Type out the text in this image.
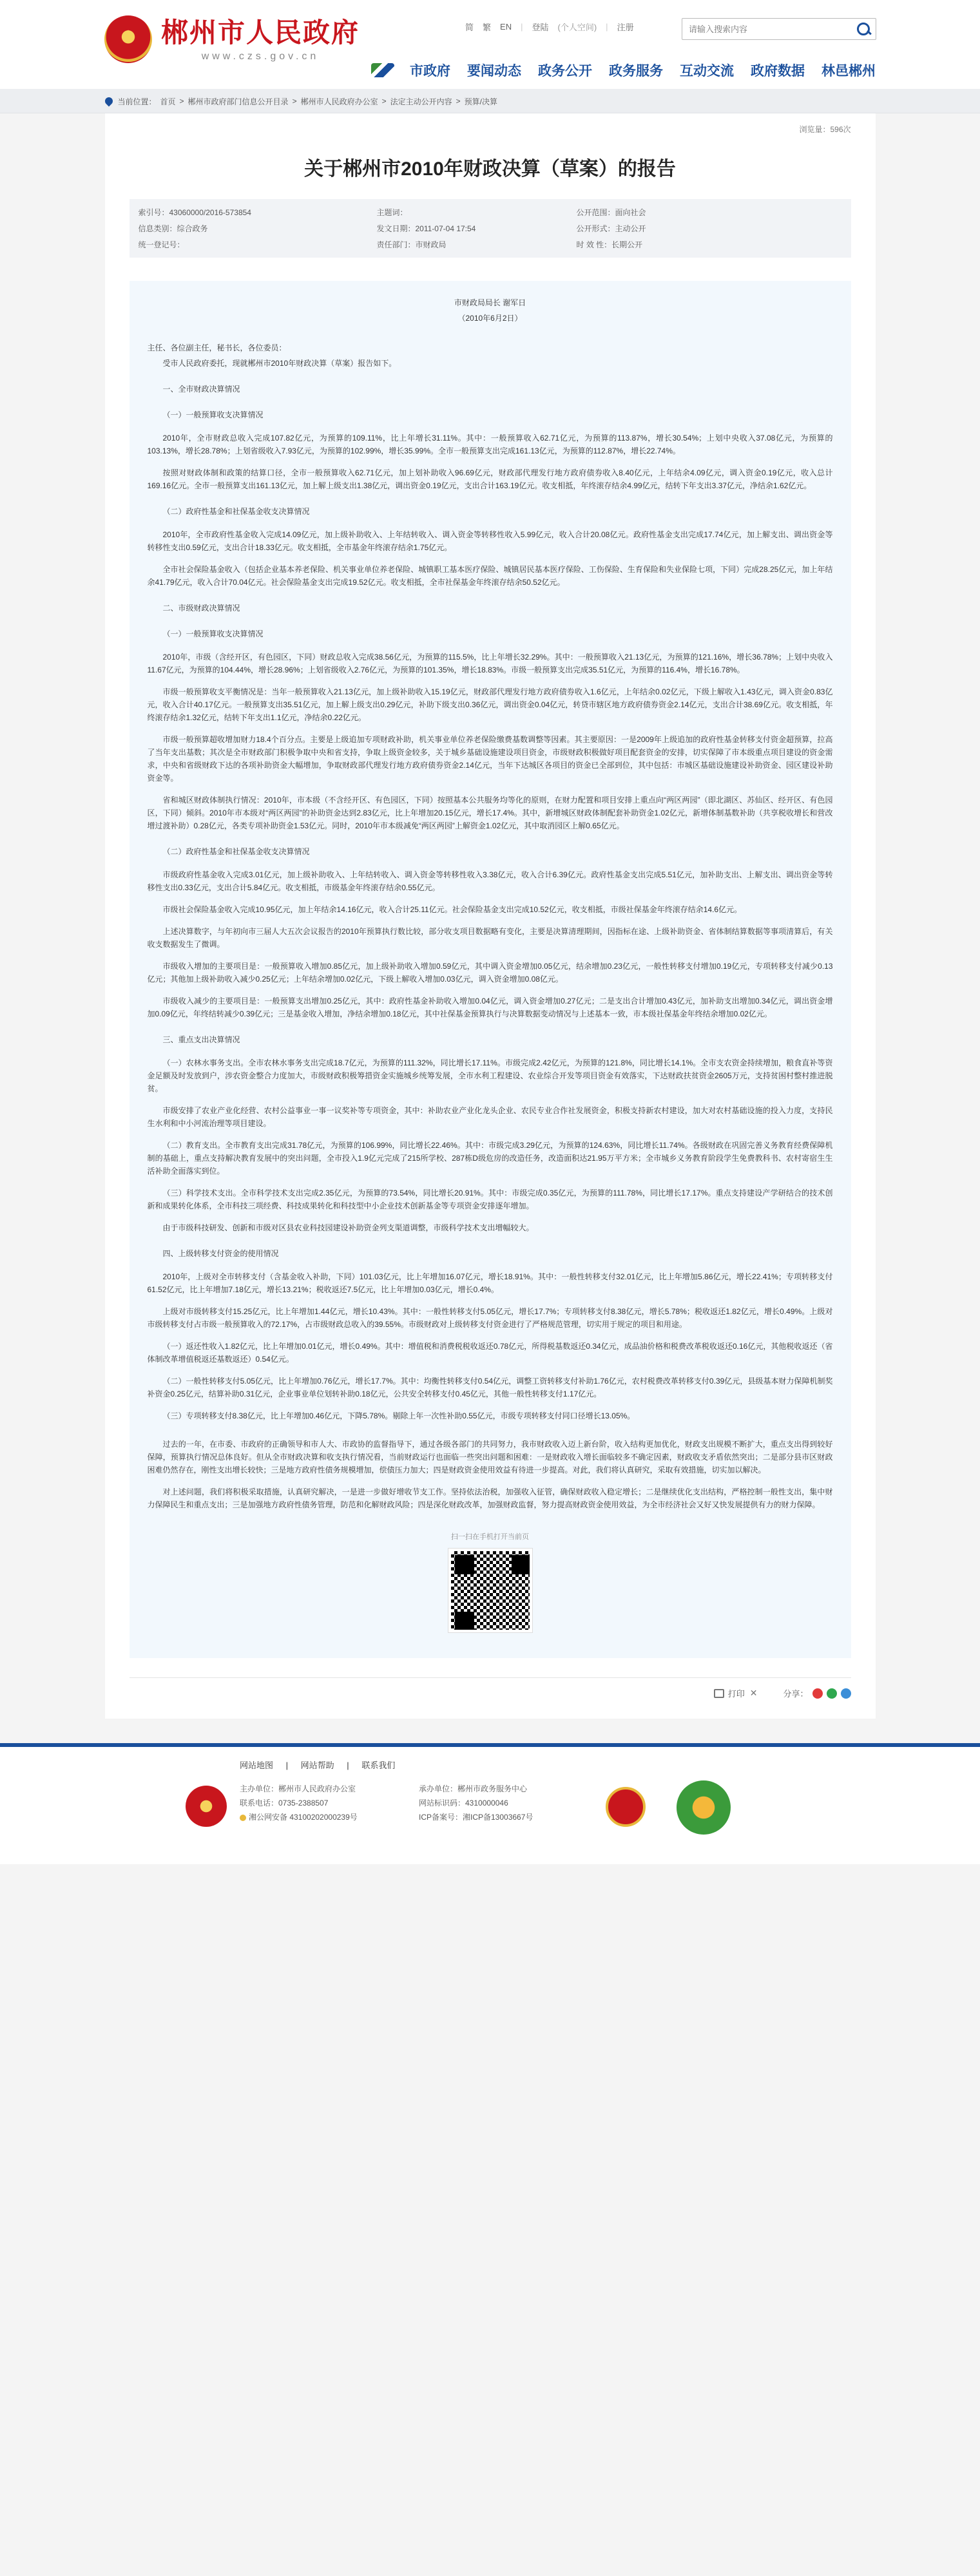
郴州市人民政府
www.czs.gov.cn
简 繁 EN | 登陆 (个人空间) | 注册
请输入搜索内容
市政府 要闻动态 政务公开 政务服务 互动交流 政府数据 林邑郴州
当前位置： 首页 > 郴州市政府部门信息公开目录 > 郴州市人民政府办公室 > 法定主动公开内容 > 预算/决算
浏览量：596次
关于郴州市2010年财政决算（草案）的报告
索引号：43060000/2016-573854	主题词：	公开范围：面向社会
信息类别：综合政务	发文日期：2011-07-04 17:54	公开形式：主动公开
统一登记号：	责任部门：市财政局	时 效 性：长期公开

市财政局局长 谢军日

（2010年6月2日）

主任、各位副主任，秘书长，各位委员：

受市人民政府委托，现就郴州市2010年财政决算（草案）报告如下。

一、全市财政决算情况

（一）一般预算收支决算情况

2010年，全市财政总收入完成107.82亿元，为预算的109.11%，比上年增长31.11%。其中：一般预算收入62.71亿元，为预算的113.87%，增长30.54%；上划中央收入37.08亿元，为预算的103.13%，增长28.78%；上划省级收入7.93亿元，为预算的102.99%，增长35.99%。全市一般预算支出完成161.13亿元，为预算的112.87%，增长22.74%。

按照对财政体制和政策的结算口径，全市一般预算收入62.71亿元，加上划补助收入96.69亿元，财政部代理发行地方政府债券收入8.40亿元，上年结余4.09亿元，调入资金0.19亿元，收入总计169.16亿元。全市一般预算支出161.13亿元，加上解上级支出1.38亿元，调出资金0.19亿元，支出合计163.19亿元。收支相抵，年终滚存结余4.99亿元，结转下年支出3.37亿元，净结余1.62亿元。

（二）政府性基金和社保基金收支决算情况

2010年，全市政府性基金收入完成14.09亿元，加上级补助收入、上年结转收入、调入资金等转移性收入5.99亿元，收入合计20.08亿元。政府性基金支出完成17.74亿元，加上解支出、调出资金等转移性支出0.59亿元，支出合计18.33亿元。收支相抵，全市基金年终滚存结余1.75亿元。

全市社会保险基金收入（包括企业基本养老保险、机关事业单位养老保险、城镇职工基本医疗保险、城镇居民基本医疗保险、工伤保险、生育保险和失业保险七项，下同）完成28.25亿元，加上年结余41.79亿元，收入合计70.04亿元。社会保险基金支出完成19.52亿元。收支相抵，全市社保基金年终滚存结余50.52亿元。

二、市级财政决算情况

（一）一般预算收支决算情况

2010年，市级（含经开区，有色园区，下同）财政总收入完成38.56亿元，为预算的115.5%，比上年增长32.29%。其中：一般预算收入21.13亿元，为预算的121.16%，增长36.78%；上划中央收入11.67亿元，为预算的104.44%，增长28.96%；上划省级收入2.76亿元，为预算的101.35%，增长18.83%。市级一般预算支出完成35.51亿元，为预算的116.4%，增长16.78%。

市级一般预算收支平衡情况是：当年一般预算收入21.13亿元，加上级补助收入15.19亿元，财政部代理发行地方政府债券收入1.6亿元，上年结余0.02亿元，下级上解收入1.43亿元，调入资金0.83亿元，收入合计40.17亿元。一般预算支出35.51亿元，加上解上级支出0.29亿元，补助下级支出0.36亿元，调出资金0.04亿元，转贷市辖区地方政府债券资金2.14亿元，支出合计38.69亿元。收支相抵，年终滚存结余1.32亿元，结转下年支出1.1亿元，净结余0.22亿元。

市级一般预算超收增加财力18.4个百分点。主要是上级追加专项财政补助，机关事业单位养老保险缴费基数调整等因素。其主要原因：一是2009年上级追加的政府性基金转移支付资金超预算，拉高了当年支出基数；其次是全市财政部门积极争取中央和省支持，争取上级资金较多，关于城乡基础设施建设项目资金，市级财政积极做好项目配套资金的安排，切实保障了市本级重点项目建设的资金需求，中央和省级财政下达的各项补助资金大幅增加，争取财政部代理发行地方政府债券资金2.14亿元，当年下达城区各项目的资金已全部到位，其中包括：市城区基础设施建设补助资金、园区建设补助资金等。

省和城区财政体制执行情况：2010年，市本级（不含经开区、有色园区，下同）按照基本公共服务均等化的原则，在财力配置和项目安排上重点向“两区两园”（即北湖区、苏仙区、经开区、有色园区，下同）倾斜。2010年市本级对“两区两园”的补助资金达到2.83亿元，比上年增加20.15亿元，增长17.4%。其中，新增城区财政体制配套补助资金1.02亿元，新增体制基数补助（共享税收增长和营改增过渡补助）0.28亿元，各类专项补助资金1.53亿元。同时，2010年市本级减免“两区两园”上解资金1.02亿元，其中取消园区上解0.65亿元。

（二）政府性基金和社保基金收支决算情况

市级政府性基金收入完成3.01亿元，加上级补助收入、上年结转收入、调入资金等转移性收入3.38亿元，收入合计6.39亿元。政府性基金支出完成5.51亿元，加补助支出、上解支出、调出资金等转移性支出0.33亿元，支出合计5.84亿元。收支相抵，市级基金年终滚存结余0.55亿元。

市级社会保险基金收入完成10.95亿元，加上年结余14.16亿元，收入合计25.11亿元。社会保险基金支出完成10.52亿元，收支相抵，市级社保基金年终滚存结余14.6亿元。

上述决算数字，与年初向市三届人大五次会议报告的2010年预算执行数比较，部分收支项目数据略有变化，主要是决算清理期间，因指标在途、上级补助资金、省体制结算数据等事项清算后，有关收支数据发生了微调。

市级收入增加的主要项目是：一般预算收入增加0.85亿元，加上级补助收入增加0.59亿元，其中调入资金增加0.05亿元，结余增加0.23亿元，一般性转移支付增加0.19亿元，专项转移支付减少0.13亿元；其他加上级补助收入减少0.25亿元；上年结余增加0.02亿元，下级上解收入增加0.03亿元，调入资金增加0.08亿元。

市级收入减少的主要项目是：一般预算支出增加0.25亿元，其中：政府性基金补助收入增加0.04亿元，调入资金增加0.27亿元；二是支出合计增加0.43亿元，加补助支出增加0.34亿元，调出资金增加0.09亿元，年终结转减少0.39亿元；三是基金收入增加，净结余增加0.18亿元，其中社保基金预算执行与决算数据变动情况与上述基本一致，市本级社保基金年终结余增加0.02亿元。

三、重点支出决算情况

（一）农林水事务支出。全市农林水事务支出完成18.7亿元，为预算的111.32%，同比增长17.11%。市级完成2.42亿元，为预算的121.8%，同比增长14.1%。全市支农资金持续增加，粮食直补等资金足额及时发放到户，涉农资金整合力度加大，市级财政积极筹措资金实施城乡统筹发展，全市水利工程建设、农业综合开发等项目资金有效落实，下达财政扶贫资金2605万元，支持贫困村整村推进脱贫。

市级安排了农业产业化经营、农村公益事业一事一议奖补等专项资金，其中：补助农业产业化龙头企业、农民专业合作社发展资金，积极支持新农村建设，加大对农村基础设施的投入力度，支持民生水利和中小河流治理等项目建设。

（二）教育支出。全市教育支出完成31.78亿元，为预算的106.99%，同比增长22.46%。其中：市级完成3.29亿元，为预算的124.63%，同比增长11.74%。各级财政在巩固完善义务教育经费保障机制的基础上，重点支持解决教育发展中的突出问题，全市投入1.9亿元完成了215所学校、287栋D级危房的改造任务，改造面积达21.95万平方米；全市城乡义务教育阶段学生免费教科书、农村寄宿生生活补助全面落实到位。

（三）科学技术支出。全市科学技术支出完成2.35亿元，为预算的73.54%，同比增长20.91%。其中：市级完成0.35亿元，为预算的111.78%，同比增长17.17%。重点支持建设产学研结合的技术创新和成果转化体系，全市科技三项经费、科技成果转化和科技型中小企业技术创新基金等专项资金安排逐年增加。

由于市级科技研发、创新和市级对区县农业科技园建设补助资金列支渠道调整，市级科学技术支出增幅较大。

四、上级转移支付资金的使用情况

2010年，上级对全市转移支付（含基金收入补助，下同）101.03亿元，比上年增加16.07亿元，增长18.91%。其中：一般性转移支付32.01亿元，比上年增加5.86亿元，增长22.41%；专项转移支付61.52亿元，比上年增加7.18亿元，增长13.21%；税收返还7.5亿元，比上年增加0.03亿元，增长0.4%。

上级对市级转移支付15.25亿元，比上年增加1.44亿元，增长10.43%。其中：一般性转移支付5.05亿元，增长17.7%；专项转移支付8.38亿元，增长5.78%；税收返还1.82亿元，增长0.49%。上级对市级转移支付占市级一般预算收入的72.17%，占市级财政总收入的39.55%。市级财政对上级转移支付资金进行了严格规范管理，切实用于规定的项目和用途。

（一）返还性收入1.82亿元，比上年增加0.01亿元，增长0.49%。其中：增值税和消费税税收返还0.78亿元，所得税基数返还0.34亿元，成品油价格和税费改革税收返还0.16亿元，其他税收返还（省体制改革增值税返还基数返还）0.54亿元。

（二）一般性转移支付5.05亿元，比上年增加0.76亿元，增长17.7%。其中：均衡性转移支付0.54亿元，调整工资转移支付补助1.76亿元，农村税费改革转移支付0.39亿元，县级基本财力保障机制奖补资金0.25亿元，结算补助0.31亿元，企业事业单位划转补助0.18亿元，公共安全转移支付0.45亿元，其他一般性转移支付1.17亿元。

（三）专项转移支付8.38亿元，比上年增加0.46亿元，下降5.78%。剔除上年一次性补助0.55亿元，市级专项转移支付同口径增长13.05%。

过去的一年，在市委、市政府的正确领导和市人大、市政协的监督指导下，通过各级各部门的共同努力，我市财政收入迈上新台阶，收入结构更加优化，财政支出规模不断扩大，重点支出得到较好保障，预算执行情况总体良好。但从全市财政决算和收支执行情况看，当前财政运行也面临一些突出问题和困难：一是财政收入增长面临较多不确定因素，财政收支矛盾依然突出；二是部分县市区财政困难仍然存在，刚性支出增长较快；三是地方政府性债务规模增加，偿债压力加大；四是财政资金使用效益有待进一步提高。对此，我们将认真研究，采取有效措施，切实加以解决。

对上述问题，我们将积极采取措施，认真研究解决，一是进一步做好增收节支工作。坚持依法治税，加强收入征管，确保财政收入稳定增长；二是继续优化支出结构，严格控制一般性支出，集中财力保障民生和重点支出；三是加强地方政府性债务管理，防范和化解财政风险；四是深化财政改革，加强财政监督，努力提高财政资金使用效益，为全市经济社会又好又快发展提供有力的财力保障。

扫一扫在手机打开当前页
打印 ✕	分享：
网站地图 | 网站帮助 | 联系我们
主办单位：郴州市人民政府办公室
联系电话：0735-2388507
湘公网安备 43100202000239号
承办单位：郴州市政务服务中心
网站标识码：4310000046
ICP备案号：湘ICP备13003667号
